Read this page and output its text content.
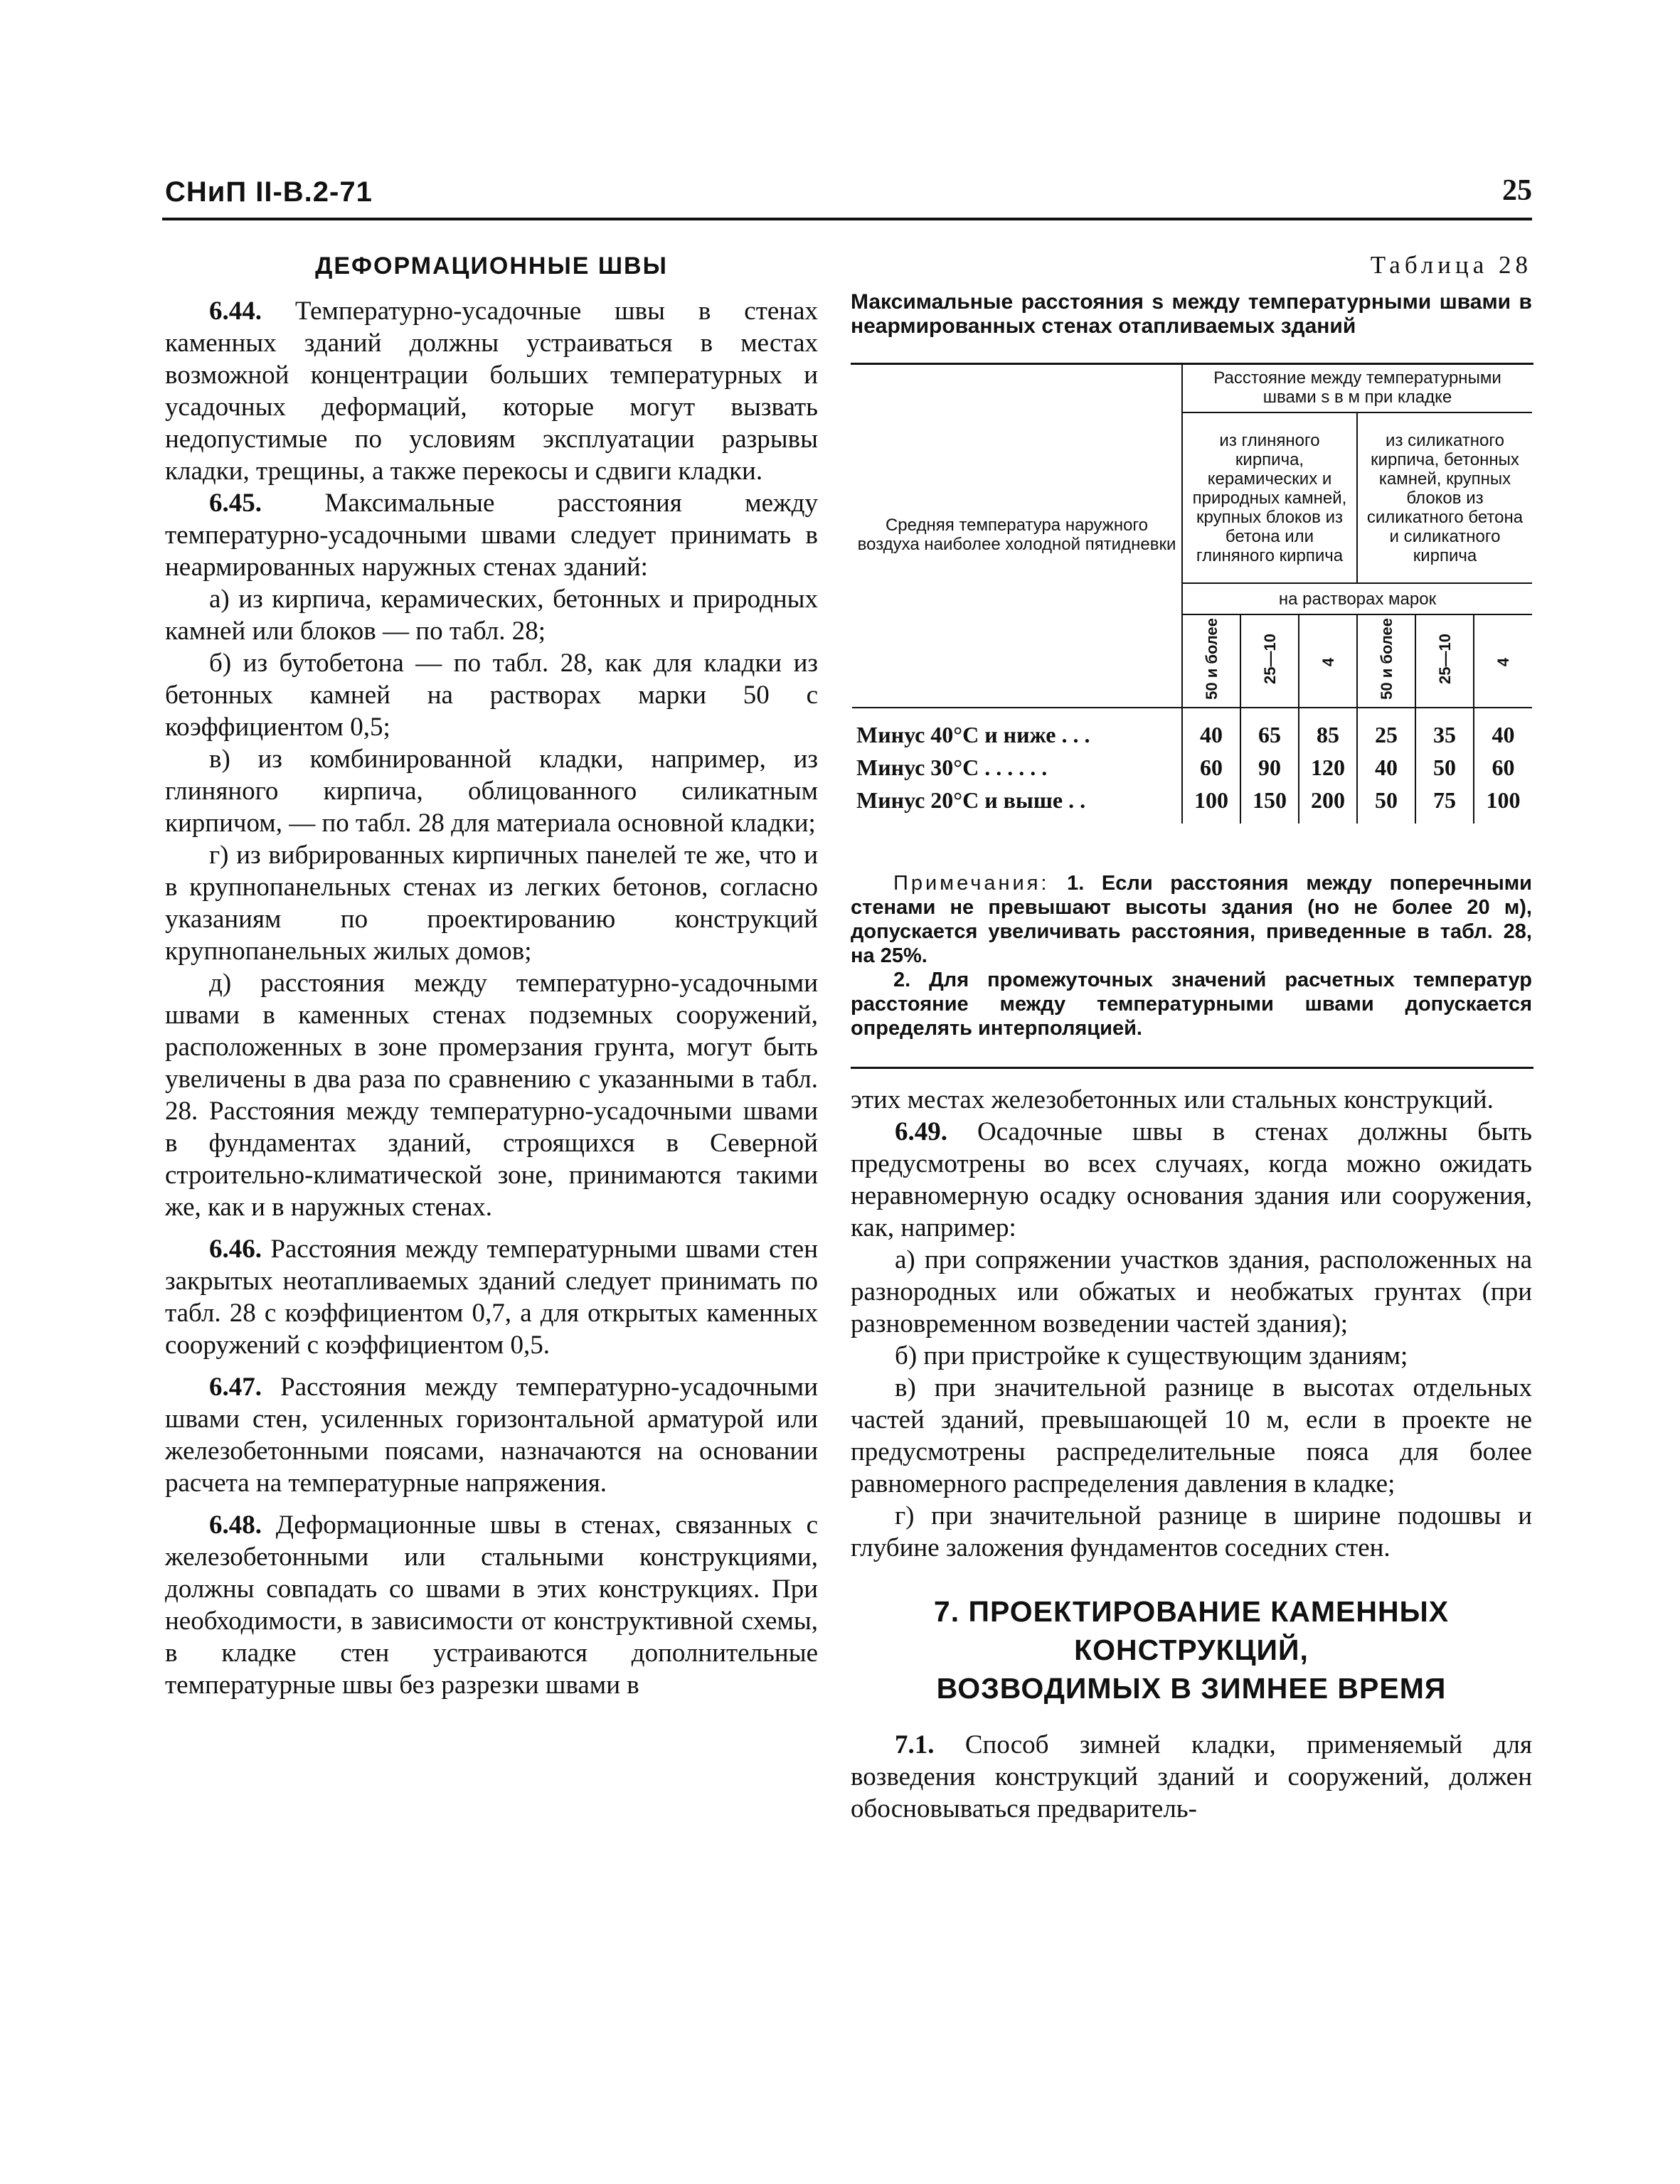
СНиП II-В.2-71	25
ДЕФОРМАЦИОННЫЕ ШВЫ

6.44. Температурно-усадочные швы в стенах каменных зданий должны устраиваться в местах возможной концентрации больших температурных и усадочных деформаций, которые могут вызвать недопустимые по условиям эксплуатации разрывы кладки, трещины, а также перекосы и сдвиги кладки.

6.45. Максимальные расстояния между температурно-усадочными швами следует принимать в неармированных наружных стенах зданий:

а) из кирпича, керамических, бетонных и природных камней или блоков — по табл. 28;

б) из бутобетона — по табл. 28, как для кладки из бетонных камней на растворах марки 50 с коэффициентом 0,5;

в) из комбинированной кладки, например, из глиняного кирпича, облицованного силикатным кирпичом, — по табл. 28 для материала основной кладки;

г) из вибрированных кирпичных панелей те же, что и в крупнопанельных стенах из легких бетонов, согласно указаниям по проектированию конструкций крупнопанельных жилых домов;

д) расстояния между температурно-усадочными швами в каменных стенах подземных сооружений, расположенных в зоне промерзания грунта, могут быть увеличены в два раза по сравнению с указанными в табл. 28. Расстояния между температурно-усадочными швами в фундаментах зданий, строящихся в Северной строительно-климатической зоне, принимаются такими же, как и в наружных стенах.

6.46. Расстояния между температурными швами стен закрытых неотапливаемых зданий следует принимать по табл. 28 с коэффициентом 0,7, а для открытых каменных сооружений с коэффициентом 0,5.

6.47. Расстояния между температурно-усадочными швами стен, усиленных горизонтальной арматурой или железобетонными поясами, назначаются на основании расчета на температурные напряжения.

6.48. Деформационные швы в стенах, связанных с железобетонными или стальными конструкциями, должны совпадать со швами в этих конструкциях. При необходимости, в зависимости от конструктивной схемы, в кладке стен устраиваются дополнительные температурные швы без разрезки швами в

Таблица 28
Максимальные расстояния s между температурными швами в неармированных стенах отапливаемых зданий
Средняя температура наружного воздуха наиболее холодной пятидневки	Расстояние между температурными швами s в м при кладке					
	из глиняного кирпича, керамических и природных камней, крупных блоков из бетона или глиняного кирпича			из силикатного кирпича, бетонных камней, крупных блоков из силикатного бетона и силикатного кирпича		
	на растворах марок					
	50 и более	25—10	4	50 и более	25—10	4
Минус 40°С и ниже . . .	40	65	85	25	35	40
Минус 30°С . . . . . .	60	90	120	40	50	60
Минус 20°С и выше . .	100	150	200	50	75	100

Примечания: 1. Если расстояния между поперечными стенами не превышают высоты здания (но не более 20 м), допускается увеличивать расстояния, приведенные в табл. 28, на 25%.

2. Для промежуточных значений расчетных температур расстояние между температурными швами допускается определять интерполяцией.

этих местах железобетонных или стальных конструкций.

6.49. Осадочные швы в стенах должны быть предусмотрены во всех случаях, когда можно ожидать неравномерную осадку основания здания или сооружения, как, например:

а) при сопряжении участков здания, расположенных на разнородных или обжатых и необжатых грунтах (при разновременном возведении частей здания);

б) при пристройке к существующим зданиям;

в) при значительной разнице в высотах отдельных частей зданий, превышающей 10 м, если в проекте не предусмотрены распределительные пояса для более равномерного распределения давления в кладке;

г) при значительной разнице в ширине подошвы и глубине заложения фундаментов соседних стен.

7. ПРОЕКТИРОВАНИЕ КАМЕННЫХ
КОНСТРУКЦИЙ,
ВОЗВОДИМЫХ В ЗИМНЕЕ ВРЕМЯ

7.1. Способ зимней кладки, применяемый для возведения конструкций зданий и сооружений, должен обосновываться предваритель-
